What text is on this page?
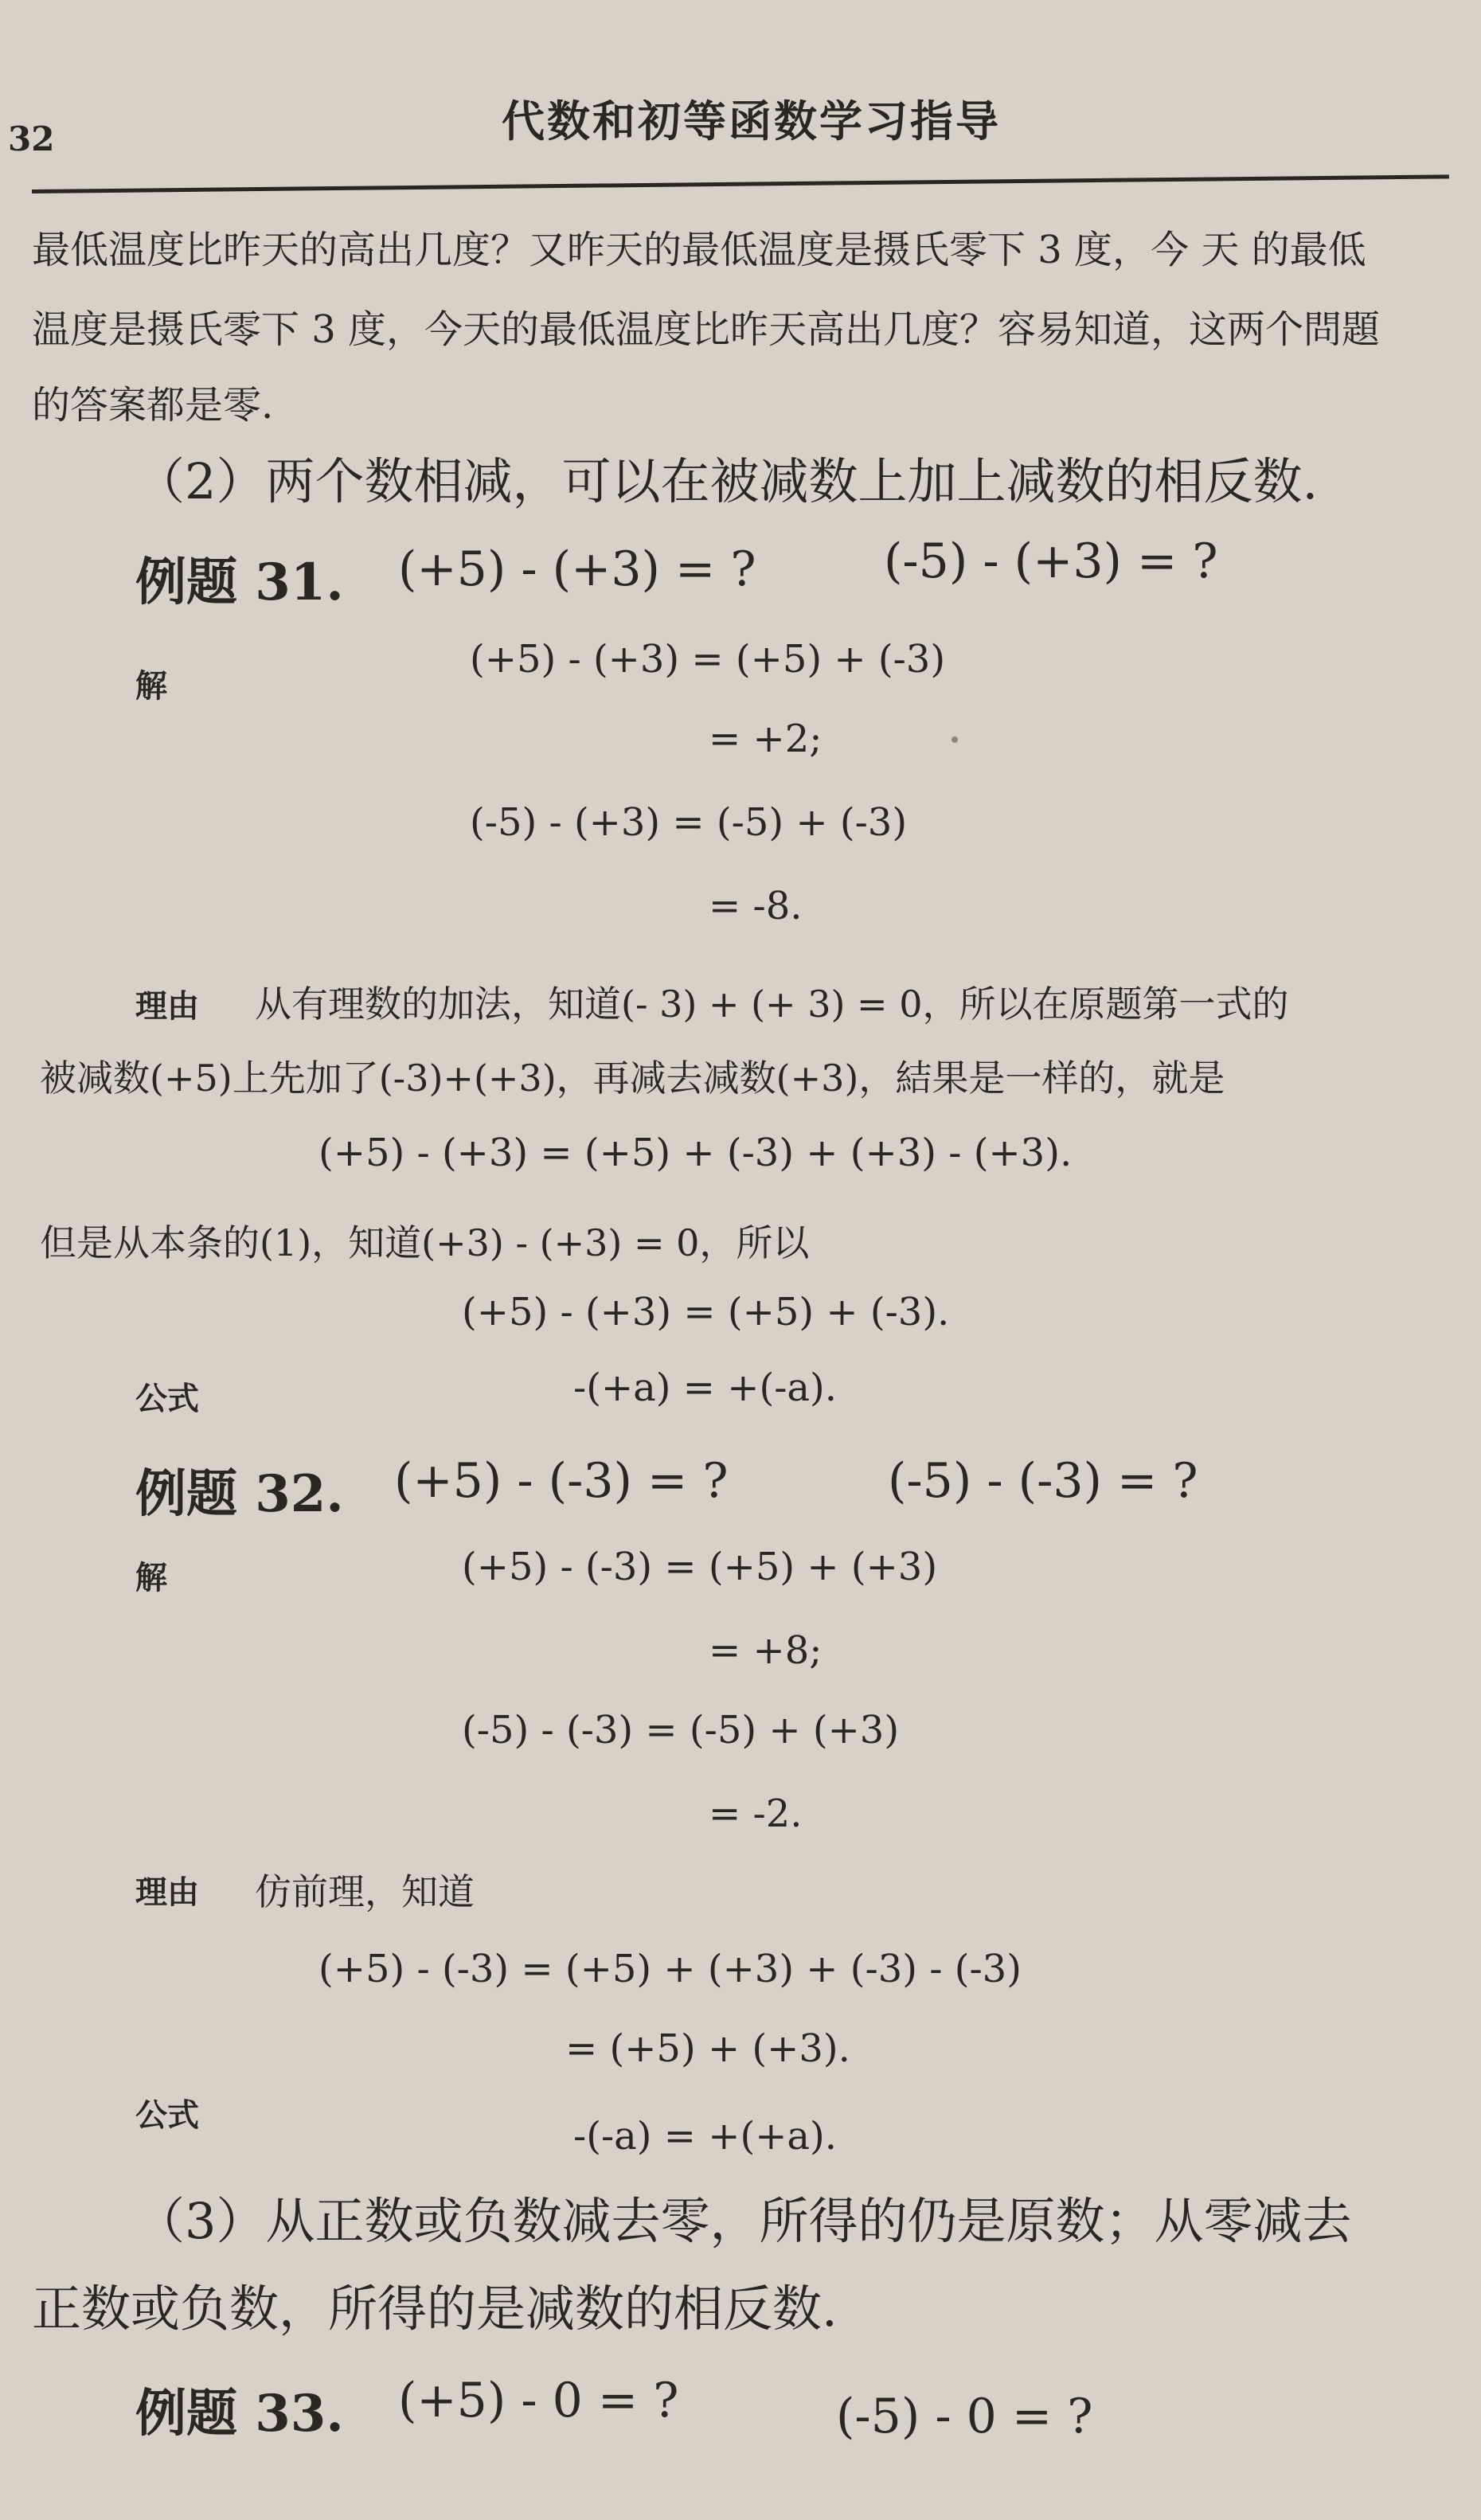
32	代数和初等函数学习指导
最低温度比昨天的高出几度？又昨天的最低温度是摄氏零下 3 度，今 天 的最低
温度是摄氏零下 3 度，今天的最低温度比昨天高出几度？容易知道，这两个問題
的答案都是零.
（2）两个数相减，可以在被减数上加上减数的相反数.
例题 31. (+5) - (+3) = ?	(-5) - (+3) = ?
解
(+5) - (+3) = (+5) + (-3)
= +2;
(-5) - (+3) = (-5) + (-3)
= -8.
理由 从有理数的加法，知道(- 3) + (+ 3) = 0，所以在原题第一式的
被减数(+5)上先加了(-3)+(+3)，再减去减数(+3)，結果是一样的，就是
(+5) - (+3) = (+5) + (-3) + (+3) - (+3).
但是从本条的(1)，知道(+3) - (+3) = 0，所以
(+5) - (+3) = (+5) + (-3).
公式	-(+a) = +(-a).
例题 32. (+5) - (-3) = ?	(-5) - (-3) = ?
解	(+5) - (-3) = (+5) + (+3)
= +8;
(-5) - (-3) = (-5) + (+3)
= -2.
理由 仿前理，知道
(+5) - (-3) = (+5) + (+3) + (-3) - (-3)
= (+5) + (+3).
公式	-(-a) = +(+a).
（3）从正数或负数减去零，所得的仍是原数；从零减去
正数或负数，所得的是减数的相反数.
例题 33. (+5) - 0 = ?	(-5) - 0 = ?
